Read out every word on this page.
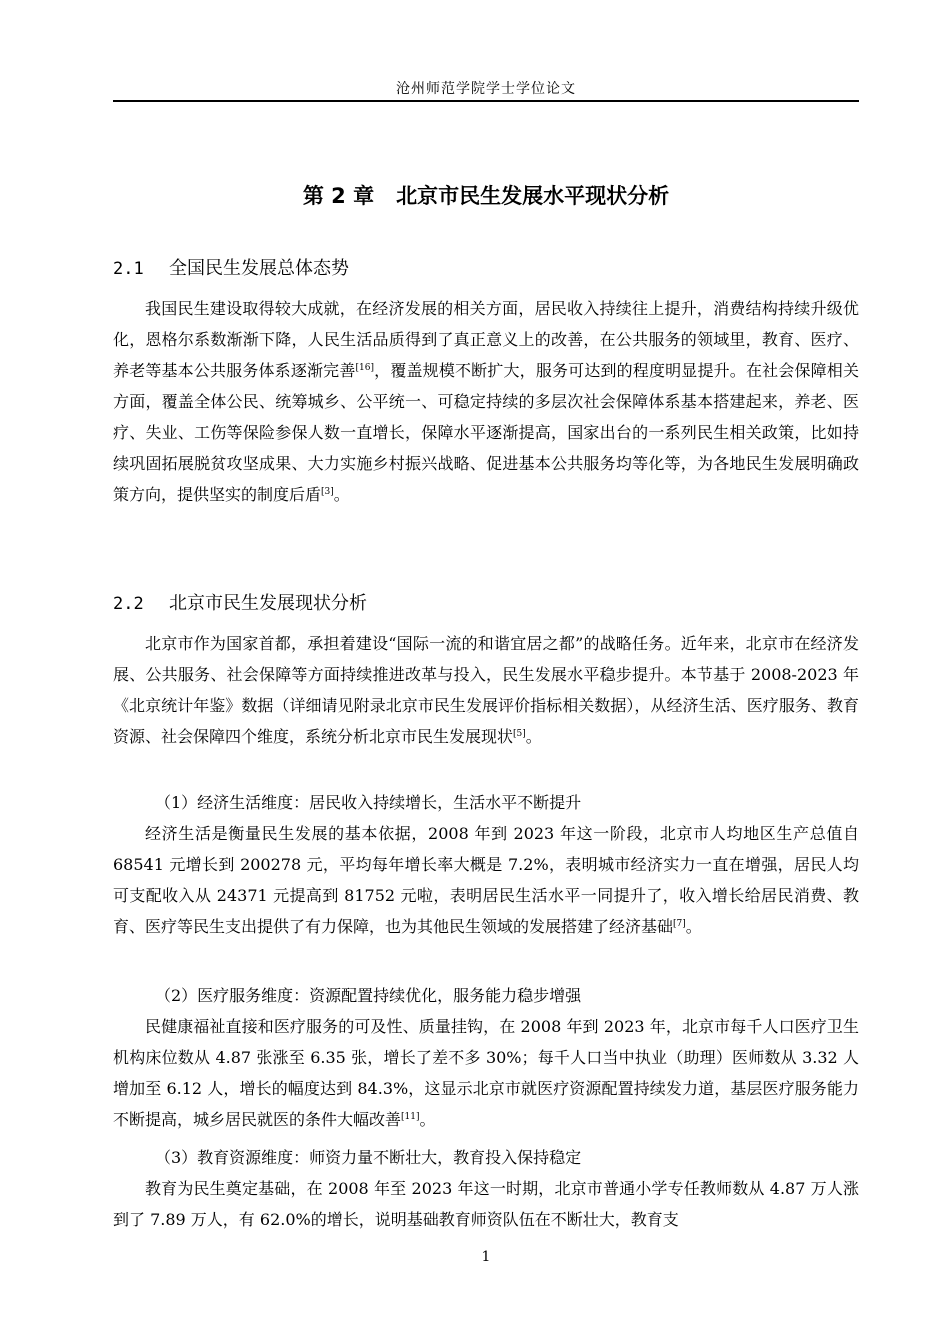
沧州师范学院学士学位论文
第 2 章 北京市民生发展水平现状分析
2.1 全国民生发展总体态势

我国民生建设取得较大成就，在经济发展的相关方面，居民收入持续往上提升，消费结构持续升级优化，恩格尔系数渐渐下降，人民生活品质得到了真正意义上的改善，在公共服务的领域里，教育、医疗、养老等基本公共服务体系逐渐完善[16]，覆盖规模不断扩大，服务可达到的程度明显提升。在社会保障相关方面，覆盖全体公民、统筹城乡、公平统一、可稳定持续的多层次社会保障体系基本搭建起来，养老、医疗、失业、工伤等保险参保人数一直增长，保障水平逐渐提高，国家出台的一系列民生相关政策，比如持续巩固拓展脱贫攻坚成果、大力实施乡村振兴战略、促进基本公共服务均等化等，为各地民生发展明确政策方向，提供坚实的制度后盾[3]。

2.2 北京市民生发展现状分析

北京市作为国家首都，承担着建设“国际一流的和谐宜居之都”的战略任务。近年来，北京市在经济发展、公共服务、社会保障等方面持续推进改革与投入，民生发展水平稳步提升。本节基于 2008-2023 年《北京统计年鉴》数据（详细请见附录北京市民生发展评价指标相关数据），从经济生活、医疗服务、教育资源、社会保障四个维度，系统分析北京市民生发展现状[5]。

（1）经济生活维度：居民收入持续增长，生活水平不断提升

经济生活是衡量民生发展的基本依据，2008 年到 2023 年这一阶段，北京市人均地区生产总值自 68541 元增长到 200278 元，平均每年增长率大概是 7.2%，表明城市经济实力一直在增强，居民人均可支配收入从 24371 元提高到 81752 元啦，表明居民生活水平一同提升了，收入增长给居民消费、教育、医疗等民生支出提供了有力保障，也为其他民生领域的发展搭建了经济基础[7]。

（2）医疗服务维度：资源配置持续优化，服务能力稳步增强

民健康福祉直接和医疗服务的可及性、质量挂钩，在 2008 年到 2023 年，北京市每千人口医疗卫生机构床位数从 4.87 张涨至 6.35 张，增长了差不多 30%；每千人口当中执业（助理）医师数从 3.32 人增加至 6.12 人，增长的幅度达到 84.3%，这显示北京市就医疗资源配置持续发力道，基层医疗服务能力不断提高，城乡居民就医的条件大幅改善[11]。

（3）教育资源维度：师资力量不断壮大，教育投入保持稳定

教育为民生奠定基础，在 2008 年至 2023 年这一时期，北京市普通小学专任教师数从 4.87 万人涨到了 7.89 万人，有 62.0%的增长，说明基础教育师资队伍在不断壮大，教育支

1
